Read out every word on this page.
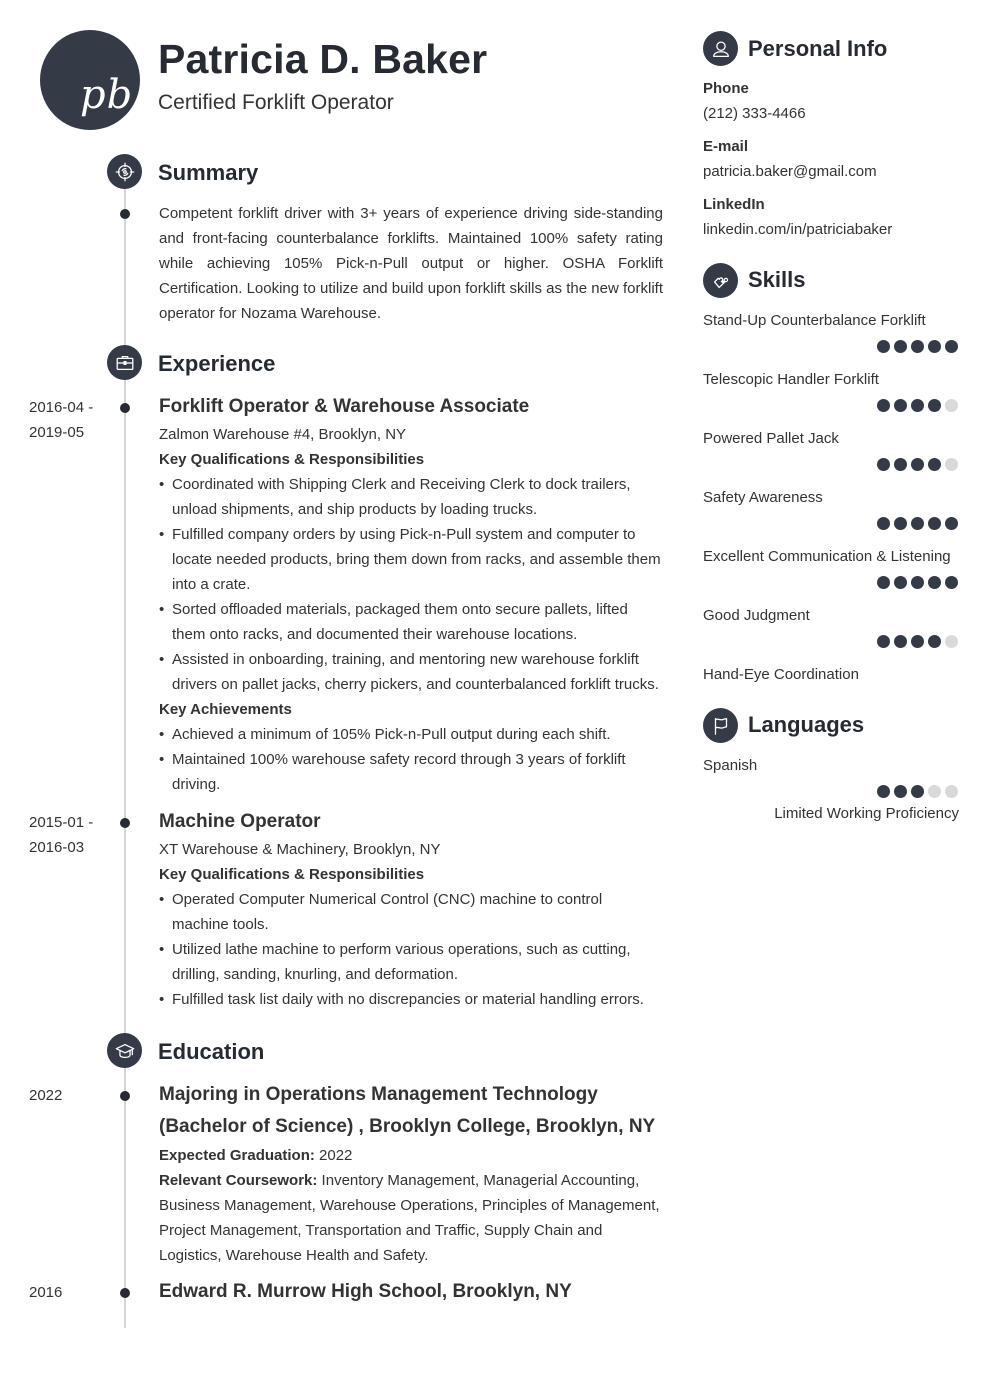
pb
Patricia D. Baker
Certified Forklift Operator
Summary
Competent forklift driver with 3+ years of experience driving side-standing and front-facing counterbalance forklifts. Maintained 100% safety rating while achieving 105% Pick-n-Pull output or higher. OSHA Forklift Certification. Looking to utilize and build upon forklift skills as the new forklift operator for Nozama Warehouse.
Experience
2016-04 -
2019-05
Forklift Operator & Warehouse Associate
Zalmon Warehouse #4, Brooklyn, NY
Key Qualifications & Responsibilities
• Coordinated with Shipping Clerk and Receiving Clerk to dock trailers, unload shipments, and ship products by loading trucks.
• Fulfilled company orders by using Pick-n-Pull system and computer to locate needed products, bring them down from racks, and assemble them into a crate.
• Sorted offloaded materials, packaged them onto secure pallets, lifted them onto racks, and documented their warehouse locations.
• Assisted in onboarding, training, and mentoring new warehouse forklift drivers on pallet jacks, cherry pickers, and counterbalanced forklift trucks.
Key Achievements
• Achieved a minimum of 105% Pick-n-Pull output during each shift.
• Maintained 100% warehouse safety record through 3 years of forklift driving.
2015-01 -
2016-03
Machine Operator
XT Warehouse & Machinery, Brooklyn, NY
Key Qualifications & Responsibilities
• Operated Computer Numerical Control (CNC) machine to control machine tools.
• Utilized lathe machine to perform various operations, such as cutting, drilling, sanding, knurling, and deformation.
• Fulfilled task list daily with no discrepancies or material handling errors.
Education
2022	Majoring in Operations Management Technology
(Bachelor of Science) , Brooklyn College, Brooklyn, NY
Expected Graduation: 2022
Relevant Coursework: Inventory Management, Managerial Accounting, Business Management, Warehouse Operations, Principles of Management, Project Management, Transportation and Traffic, Supply Chain and Logistics, Warehouse Health and Safety.
2016	Edward R. Murrow High School, Brooklyn, NY
Personal Info
Phone
(212) 333-4466
E-mail
patricia.baker@gmail.com
LinkedIn
linkedin.com/in/patriciabaker
Skills
Stand-Up Counterbalance Forklift
Telescopic Handler Forklift
Powered Pallet Jack
Safety Awareness
Excellent Communication & Listening
Good Judgment
Hand-Eye Coordination
Languages
Spanish
Limited Working Proficiency
